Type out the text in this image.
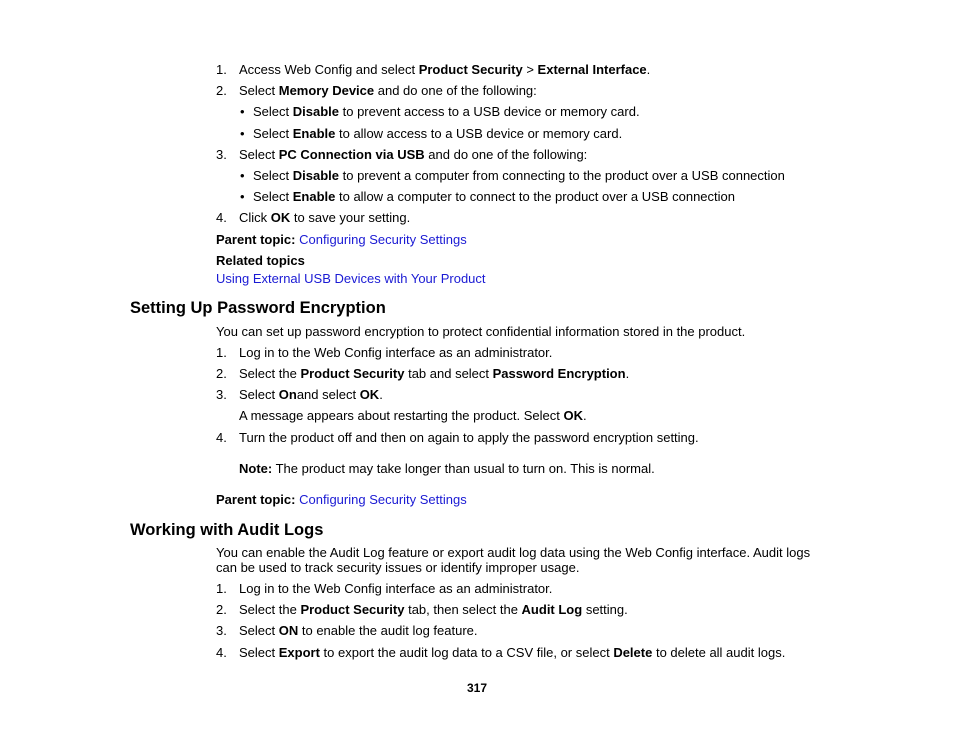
1. Access Web Config and select Product Security > External Interface.
2. Select Memory Device and do one of the following:
• Select Disable to prevent access to a USB device or memory card.
• Select Enable to allow access to a USB device or memory card.
3. Select PC Connection via USB and do one of the following:
• Select Disable to prevent a computer from connecting to the product over a USB connection
• Select Enable to allow a computer to connect to the product over a USB connection
4. Click OK to save your setting.
Parent topic: Configuring Security Settings
Related topics
Using External USB Devices with Your Product
Setting Up Password Encryption
You can set up password encryption to protect confidential information stored in the product.
1. Log in to the Web Config interface as an administrator.
2. Select the Product Security tab and select Password Encryption.
3. Select Onand select OK.
A message appears about restarting the product. Select OK.
4. Turn the product off and then on again to apply the password encryption setting.
Note: The product may take longer than usual to turn on. This is normal.
Parent topic: Configuring Security Settings
Working with Audit Logs
You can enable the Audit Log feature or export audit log data using the Web Config interface. Audit logs
can be used to track security issues or identify improper usage.
1. Log in to the Web Config interface as an administrator.
2. Select the Product Security tab, then select the Audit Log setting.
3. Select ON to enable the audit log feature.
4. Select Export to export the audit log data to a CSV file, or select Delete to delete all audit logs.
317
